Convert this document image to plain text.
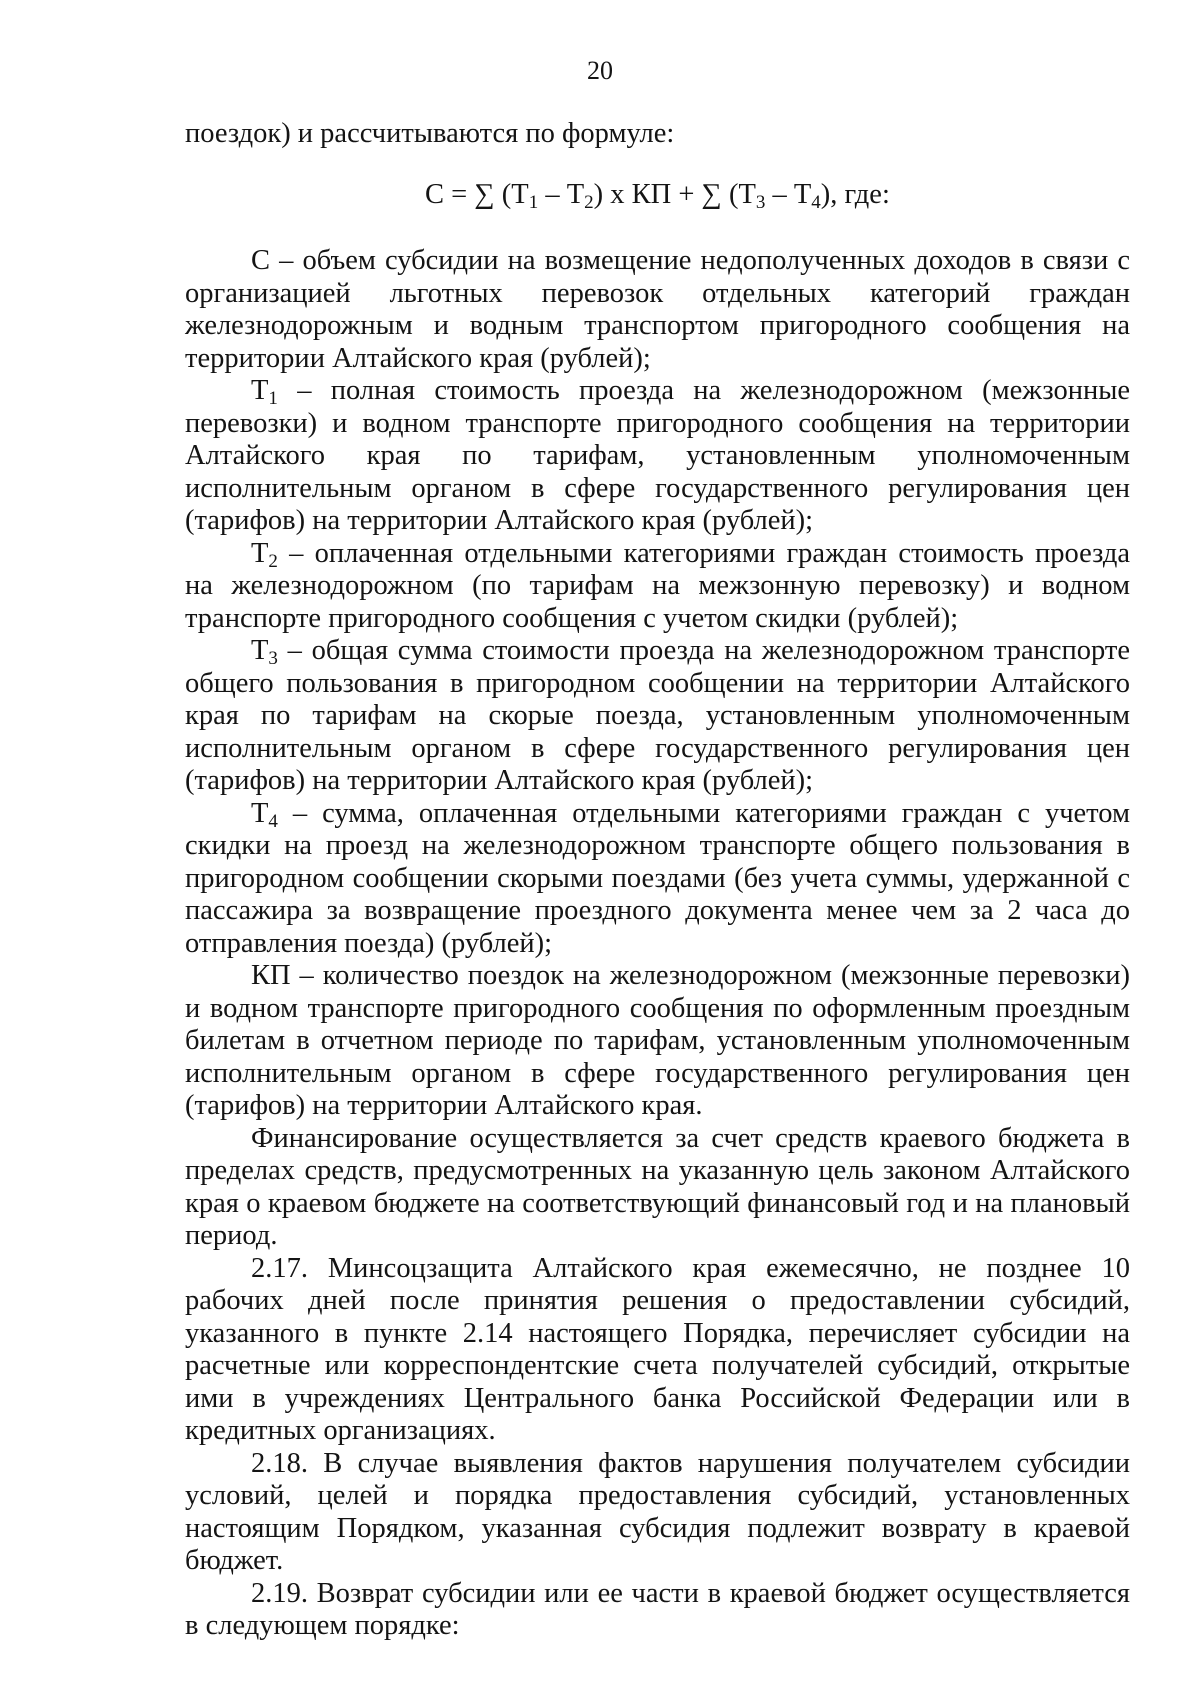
20

поездок) и рассчитываются по формуле:

С = ∑ $(Т_1 - Т_2)$ х КП + ∑ $(Т_3 - Т_4)$, где:

С – объем субсидии на возмещение недополученных доходов в связи с организацией льготных перевозок отдельных категорий граждан железнодорожным и водным транспортом пригородного сообщения на территории Алтайского края (рублей);

$Т_1$ – полная стоимость проезда на железнодорожном (межзонные перевозки) и водном транспорте пригородного сообщения на территории Алтайского края по тарифам, установленным уполномоченным исполнительным органом в сфере государственного регулирования цен (тарифов) на территории Алтайского края (рублей);

$Т_2$ – оплаченная отдельными категориями граждан стоимость проезда на железнодорожном (по тарифам на межзонную перевозку) и водном транспорте пригородного сообщения с учетом скидки (рублей);

$Т_3$ – общая сумма стоимости проезда на железнодорожном транспорте общего пользования в пригородном сообщении на территории Алтайского края по тарифам на скорые поезда, установленным уполномоченным исполнительным органом в сфере государственного регулирования цен (тарифов) на территории Алтайского края (рублей);

$Т_4$ – сумма, оплаченная отдельными категориями граждан с учетом скидки на проезд на железнодорожном транспорте общего пользования в пригородном сообщении скорыми поездами (без учета суммы, удержанной с пассажира за возвращение проездного документа менее чем за 2 часа до отправления поезда) (рублей);

КП – количество поездок на железнодорожном (межзонные перевозки) и водном транспорте пригородного сообщения по оформленным проездным билетам в отчетном периоде по тарифам, установленным уполномоченным исполнительным органом в сфере государственного регулирования цен (тарифов) на территории Алтайского края.

Финансирование осуществляется за счет средств краевого бюджета в пределах средств, предусмотренных на указанную цель законом Алтайского края о краевом бюджете на соответствующий финансовый год и на плановый период.

2.17. Минсоцзащита Алтайского края ежемесячно, не позднее 10 рабочих дней после принятия решения о предоставлении субсидий, указанного в пункте 2.14 настоящего Порядка, перечисляет субсидии на расчетные или корреспондентские счета получателей субсидий, открытые ими в учреждениях Центрального банка Российской Федерации или в кредитных организациях.

2.18. В случае выявления фактов нарушения получателем субсидии условий, целей и порядка предоставления субсидий, установленных настоящим Порядком, указанная субсидия подлежит возврату в краевой бюджет.

2.19. Возврат субсидии или ее части в краевой бюджет осуществляется в следующем порядке:
